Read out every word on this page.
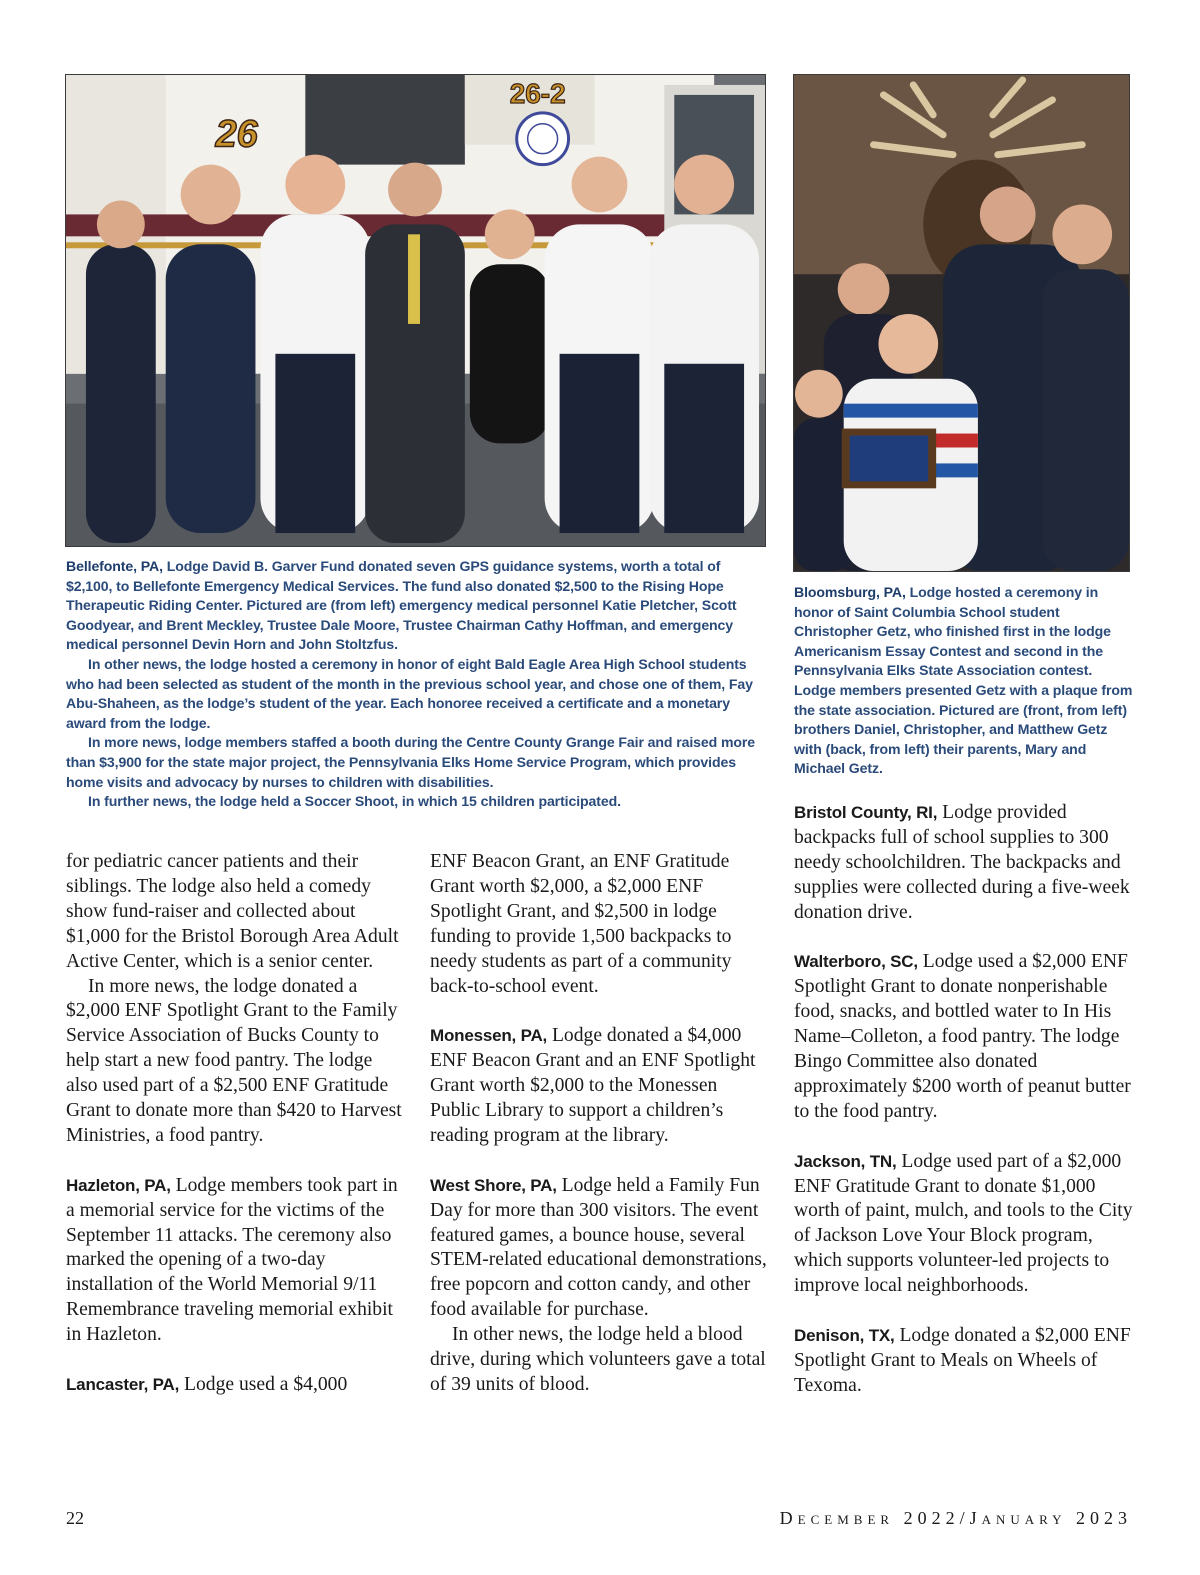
26
26-2

Bellefonte, PA, Lodge David B. Garver Fund donated seven GPS guidance systems, worth a total of $2,100, to Bellefonte Emergency Medical Services. The fund also donated $2,500 to the Rising Hope Therapeutic Riding Center. Pictured are (from left) emergency medical personnel Katie Pletcher, Scott Goodyear, and Brent Meckley, Trustee Dale Moore, Trustee Chairman Cathy Hoffman, and emergency medical personnel Devin Horn and John Stoltzfus.

In other news, the lodge hosted a ceremony in honor of eight Bald Eagle Area High School students who had been selected as student of the month in the previous school year, and chose one of them, Fay Abu-Shaheen, as the lodge’s student of the year. Each honoree received a certificate and a monetary award from the lodge.

In more news, lodge members staffed a booth during the Centre County Grange Fair and raised more than $3,900 for the state major project, the Pennsylvania Elks Home Service Program, which provides home visits and advocacy by nurses to children with disabilities.

In further news, the lodge held a Soccer Shoot, in which 15 children participated.

Bloomsburg, PA, Lodge hosted a ceremony in honor of Saint Columbia School student Christopher Getz, who finished first in the lodge Americanism Essay Contest and second in the Pennsylvania Elks State Association contest. Lodge members presented Getz with a plaque from the state association. Pictured are (front, from left) brothers Daniel, Christopher, and Matthew Getz with (back, from left) their parents, Mary and Michael Getz.

for pediatric cancer patients and their siblings. The lodge also held a comedy show fund-raiser and collected about $1,000 for the Bristol Borough Area Adult Active Center, which is a senior center.

In more news, the lodge donated a $2,000 ENF Spotlight Grant to the Family Service Association of Bucks County to help start a new food pantry. The lodge also used part of a $2,500 ENF Gratitude Grant to donate more than $420 to Harvest Ministries, a food pantry.

Hazleton, PA, Lodge members took part in a memorial service for the victims of the September 11 attacks. The ceremony also marked the opening of a two-day installation of the World Memorial 9/11 Remembrance traveling memorial exhibit in Hazleton.

Lancaster, PA, Lodge used a $4,000

ENF Beacon Grant, an ENF Gratitude Grant worth $2,000, a $2,000 ENF Spotlight Grant, and $2,500 in lodge funding to provide 1,500 backpacks to needy students as part of a community back-to-school event.

Monessen, PA, Lodge donated a $4,000 ENF Beacon Grant and an ENF Spotlight Grant worth $2,000 to the Monessen Public Library to support a children’s reading program at the library.

West Shore, PA, Lodge held a Family Fun Day for more than 300 visitors. The event featured games, a bounce house, several STEM-related educational demonstrations, free popcorn and cotton candy, and other food available for purchase.

In other news, the lodge held a blood drive, during which volunteers gave a total of 39 units of blood.

Bristol County, RI, Lodge provided backpacks full of school supplies to 300 needy schoolchildren. The backpacks and supplies were collected during a five-week donation drive.

Walterboro, SC, Lodge used a $2,000 ENF Spotlight Grant to donate nonperishable food, snacks, and bottled water to In His Name–Colleton, a food pantry. The lodge Bingo Committee also donated approximately $200 worth of peanut butter to the food pantry.

Jackson, TN, Lodge used part of a $2,000 ENF Gratitude Grant to donate $1,000 worth of paint, mulch, and tools to the City of Jackson Love Your Block program, which supports volunteer-led projects to improve local neighborhoods.

Denison, TX, Lodge donated a $2,000 ENF Spotlight Grant to Meals on Wheels of Texoma.

22	DECEMBER 2022/JANUARY 2023
